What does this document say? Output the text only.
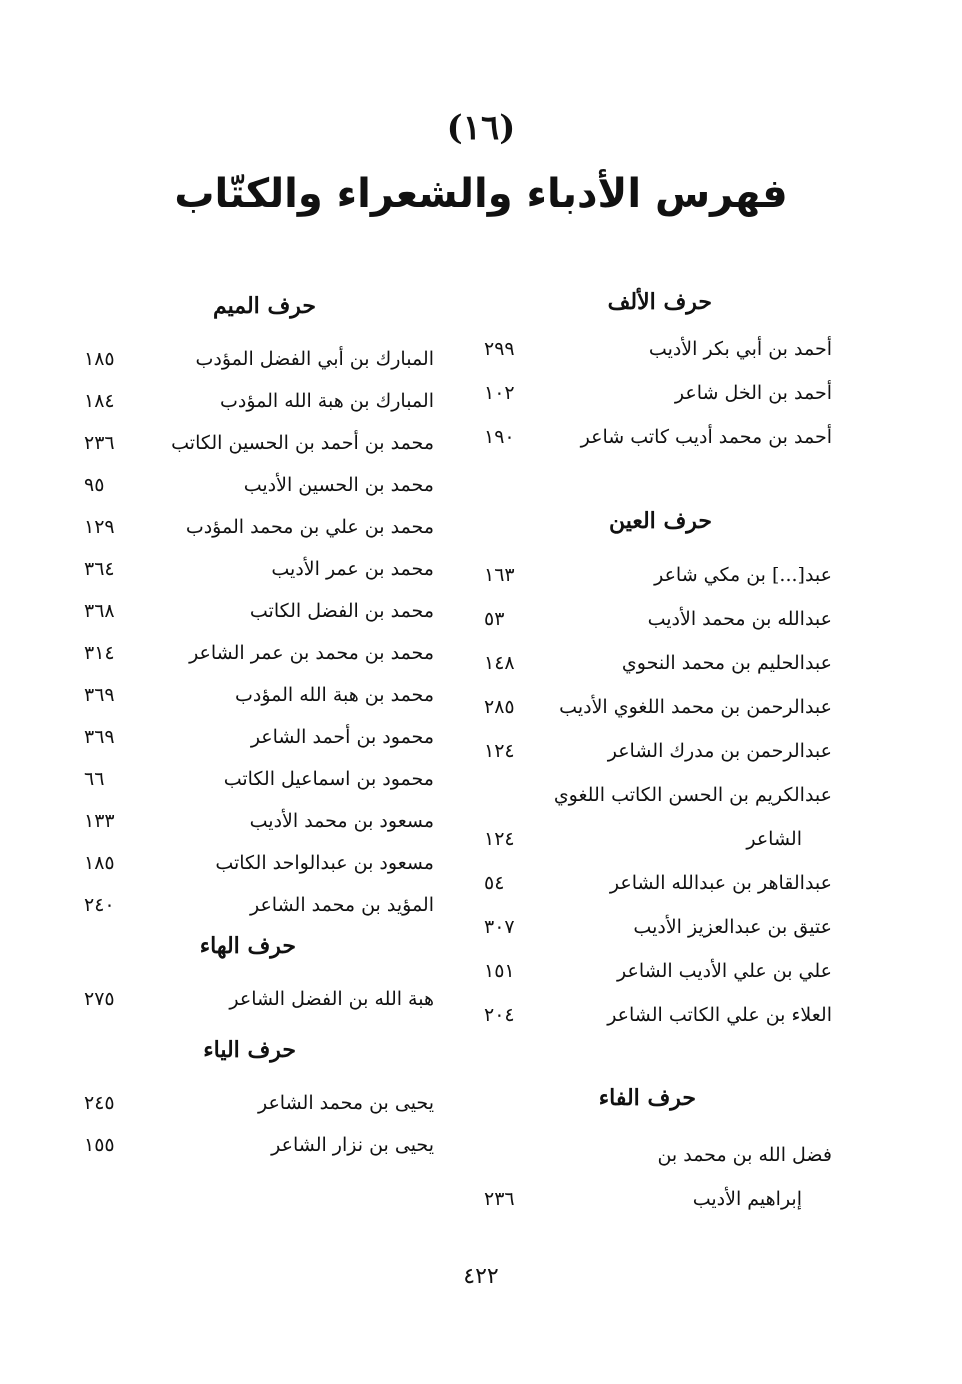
(١٦)
فهرس الأدباء والشعراء والكتّاب
حرف الألف
أحمد بن أبي بكر الأديب
٢٩٩
أحمد بن الخل شاعر
١٠٢
أحمد بن محمد أديب كاتب شاعر
١٩٠
حرف العين
عبد[...] بن مكي شاعر
١٦٣
عبدالله بن محمد الأديب
٥٣
عبدالحليم بن محمد النحوي
١٤٨
عبدالرحمن بن محمد اللغوي الأديب
٢٨٥
عبدالرحمن بن مدرك الشاعر
١٢٤
عبدالكريم بن الحسن الكاتب اللغوي
الشاعر
١٢٤
عبدالقاهر بن عبدالله الشاعر
٥٤
عتيق بن عبدالعزيز الأديب
٣٠٧
علي بن علي الأديب الشاعر
١٥١
العلاء بن علي الكاتب الشاعر
٢٠٤
حرف الفاء
فضل الله بن محمد بن
إبراهيم الأديب
٢٣٦
حرف الميم
المبارك بن أبي الفضل المؤدب
١٨٥
المبارك بن هبة الله المؤدب
١٨٤
محمد بن أحمد بن الحسين الكاتب
٢٣٦
محمد بن الحسين الأديب
٩٥
محمد بن علي بن محمد المؤدب
١٢٩
محمد بن عمر الأديب
٣٦٤
محمد بن الفضل الكاتب
٣٦٨
محمد بن محمد بن عمر الشاعر
٣١٤
محمد بن هبة الله المؤدب
٣٦٩
محمود بن أحمد الشاعر
٣٦٩
محمود بن اسماعيل الكاتب
٦٦
مسعود بن محمد الأديب
١٣٣
مسعود بن عبدالواحد الكاتب
١٨٥
المؤيد بن محمد الشاعر
٢٤٠
حرف الهاء
هبة الله بن الفضل الشاعر
٢٧٥
حرف الياء
يحيى بن محمد الشاعر
٢٤٥
يحيى بن نزار الشاعر
١٥٥
٤٢٢
